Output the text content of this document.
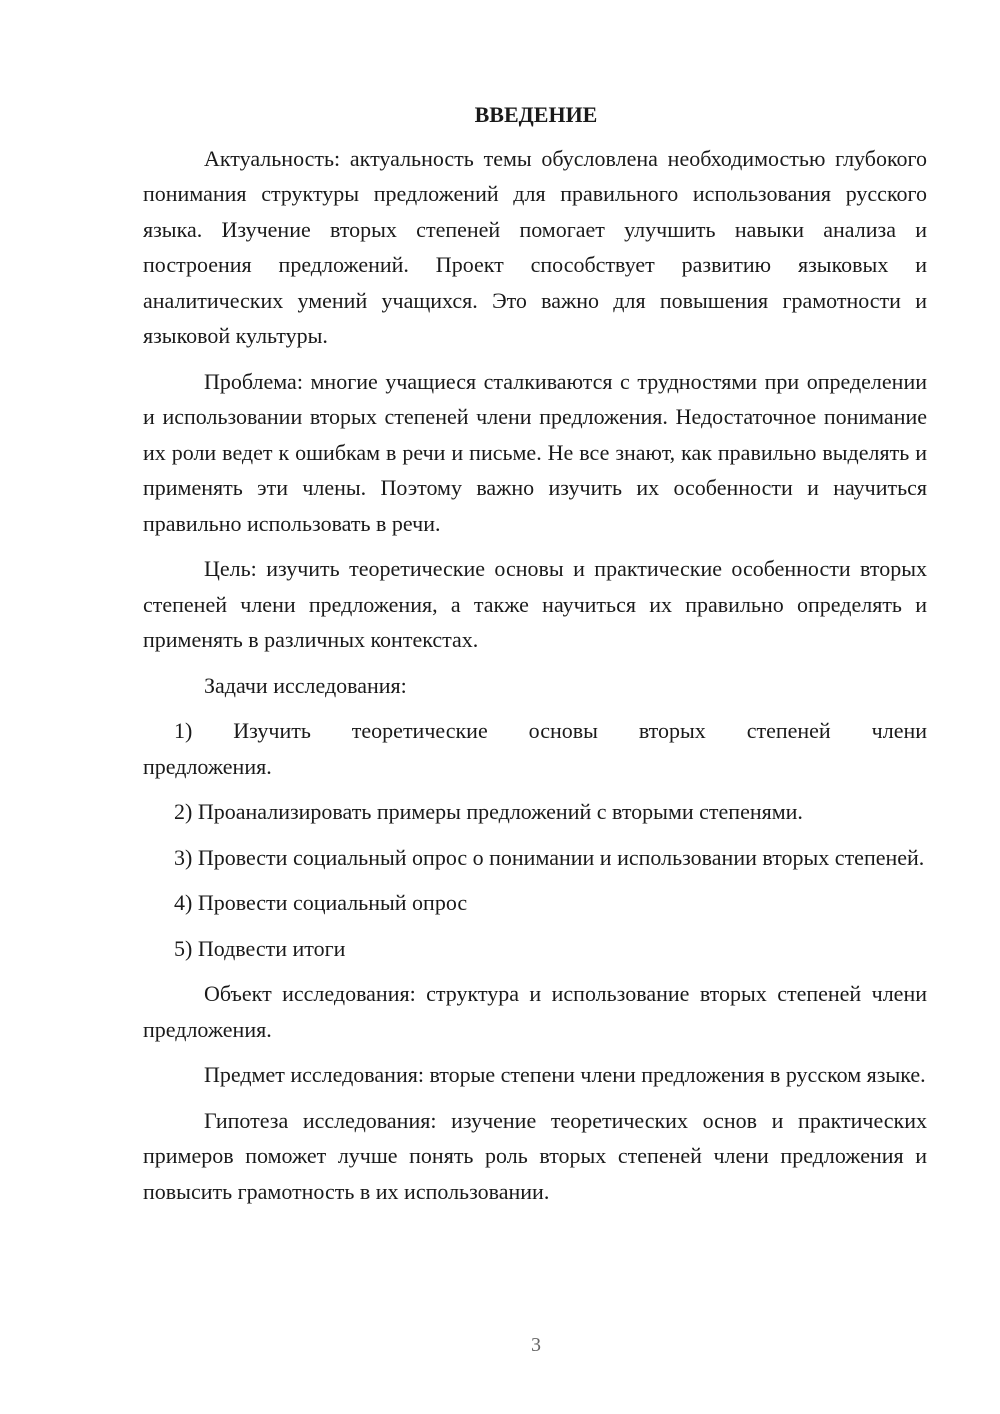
ВВЕДЕНИЕ

Актуальность: актуальность темы обусловлена необходимостью глубокого понимания структуры предложений для правильного использования русского языка. Изучение вторых степеней помогает улучшить навыки анализа и построения предложений. Проект способствует развитию языковых и аналитических умений учащихся. Это важно для повышения грамотности и языковой культуры.

Проблема: многие учащиеся сталкиваются с трудностями при определении и использовании вторых степеней члени предложения. Недостаточное понимание их роли ведет к ошибкам в речи и письме. Не все знают, как правильно выделять и применять эти члены. Поэтому важно изучить их особенности и научиться правильно использовать в речи.

Цель: изучить теоретические основы и практические особенности вторых степеней члени предложения, а также научиться их правильно определять и применять в различных контекстах.

Задачи исследования:

1) Изучить теоретические основы вторых степеней члени предложения.

2) Проанализировать примеры предложений с вторыми степенями.

3) Провести социальный опрос о понимании и использовании вторых степеней.

4) Провести социальный опрос

5) Подвести итоги

Объект исследования: структура и использование вторых степеней члени предложения.

Предмет исследования: вторые степени члени предложения в русском языке.

Гипотеза исследования: изучение теоретических основ и практических примеров поможет лучше понять роль вторых степеней члени предложения и повысить грамотность в их использовании.

3
